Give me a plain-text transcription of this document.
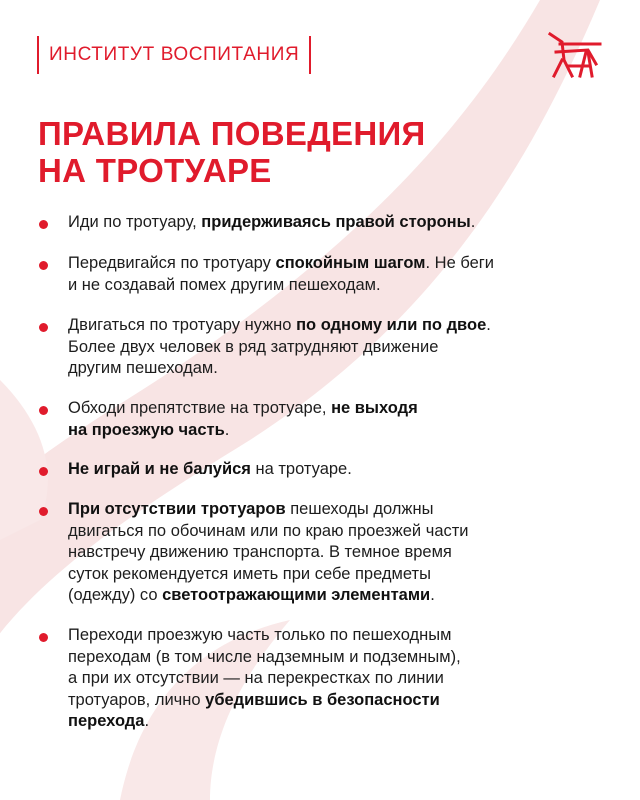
ИНСТИТУТ ВОСПИТАНИЯ
ПРАВИЛА ПОВЕДЕНИЯ
НА ТРОТУАРЕ
Иди по тротуару, придерживаясь правой стороны.
Передвигайся по тротуару спокойным шагом. Не беги
и не создавай помех другим пешеходам.
Двигаться по тротуару нужно по одному или по двое.
Более двух человек в ряд затрудняют движение
другим пешеходам.
Обходи препятствие на тротуаре, не выходя
на проезжую часть.
Не играй и не балуйся на тротуаре.
При отсутствии тротуаров пешеходы должны
двигаться по обочинам или по краю проезжей части
навстречу движению транспорта. В темное время
суток рекомендуется иметь при себе предметы
(одежду) со светоотражающими элементами.
Переходи проезжую часть только по пешеходным
переходам (в том числе надземным и подземным),
а при их отсутствии — на перекрестках по линии
тротуаров, лично убедившись в безопасности
перехода.
